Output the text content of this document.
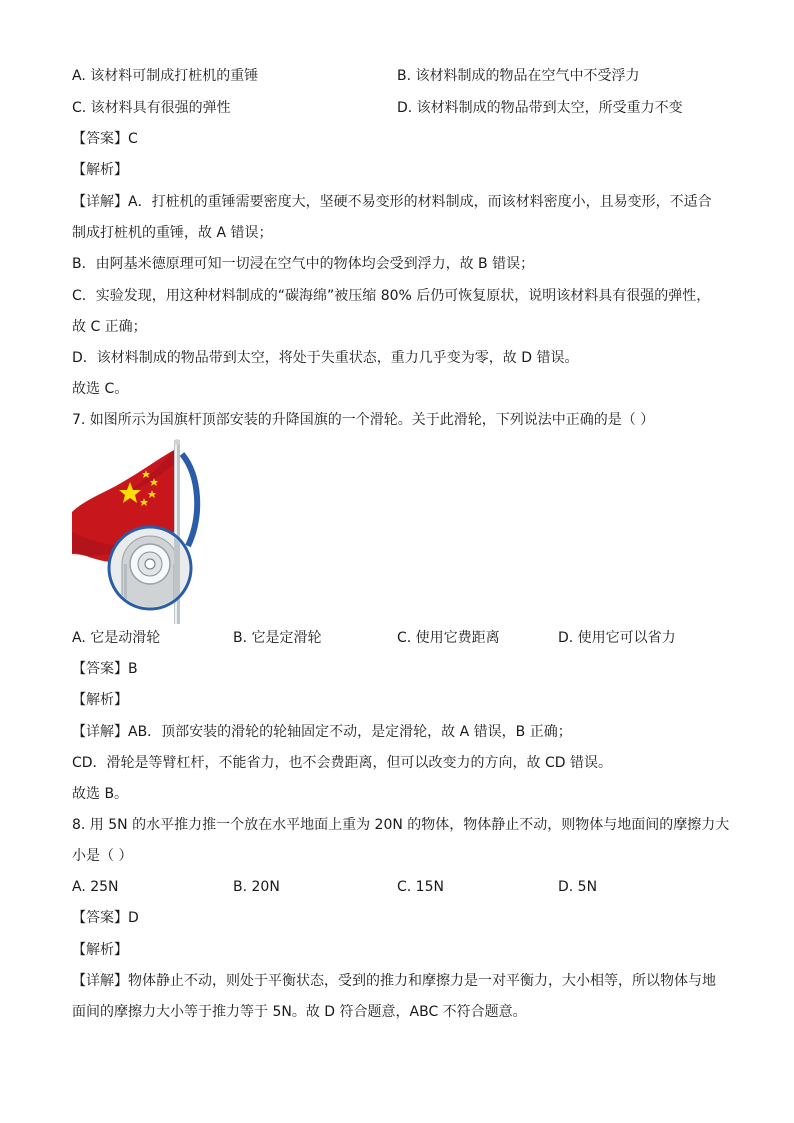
A. 该材料可制成打桩机的重锤	B. 该材料制成的物品在空气中不受浮力
C. 该材料具有很强的弹性	D. 该材料制成的物品带到太空，所受重力不变
【答案】C
【解析】
【详解】A．打桩机的重锤需要密度大，坚硬不易变形的材料制成，而该材料密度小，且易变形，不适合
制成打桩机的重锤，故 A 错误；
B．由阿基米德原理可知一切浸在空气中的物体均会受到浮力，故 B 错误；
C．实验发现，用这种材料制成的“碳海绵”被压缩 80% 后仍可恢复原状，说明该材料具有很强的弹性，
故 C 正确；
D．该材料制成的物品带到太空，将处于失重状态，重力几乎变为零，故 D 错误。
故选 C。
7. 如图所示为国旗杆顶部安装的升降国旗的一个滑轮。关于此滑轮，下列说法中正确的是（ ）
A. 它是动滑轮	B. 它是定滑轮	C. 使用它费距离	D. 使用它可以省力
【答案】B
【解析】
【详解】AB．顶部安装的滑轮的轮轴固定不动，是定滑轮，故 A 错误，B 正确；
CD．滑轮是等臂杠杆，不能省力，也不会费距离，但可以改变力的方向，故 CD 错误。
故选 B。
8. 用 5N 的水平推力推一个放在水平地面上重为 20N 的物体，物体静止不动，则物体与地面间的摩擦力大
小是（ ）
A. 25N	B. 20N	C. 15N	D. 5N
【答案】D
【解析】
【详解】物体静止不动，则处于平衡状态，受到的推力和摩擦力是一对平衡力，大小相等，所以物体与地
面间的摩擦力大小等于推力等于 5N。故 D 符合题意，ABC 不符合题意。
